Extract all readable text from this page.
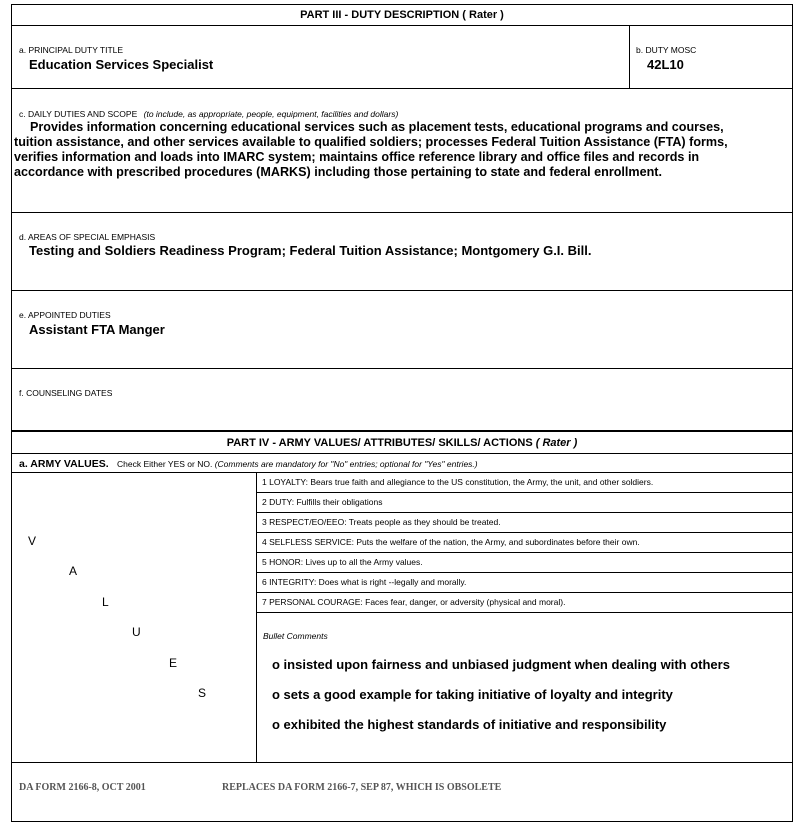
PART III - DUTY DESCRIPTION ( Rater )
a. PRINCIPAL DUTY TITLE
Education Services Specialist
b. DUTY MOSC
42L10
c. DAILY DUTIES AND SCOPE (to include, as appropriate, people, equipment, facilities and dollars)
Provides information concerning educational services such as placement tests, educational programs and courses,
tuition assistance, and other services available to qualified soldiers; processes Federal Tuition Assistance (FTA) forms,
verifies information and loads into IMARC system; maintains office reference library and office files and records in
accordance with prescribed procedures (MARKS) including those pertaining to state and federal enrollment.
d. AREAS OF SPECIAL EMPHASIS
Testing and Soldiers Readiness Program; Federal Tuition Assistance; Montgomery G.I. Bill.
e. APPOINTED DUTIES
Assistant FTA Manger
f. COUNSELING DATES
PART IV - ARMY VALUES/ ATTRIBUTES/ SKILLS/ ACTIONS ( Rater )
a. ARMY VALUES. Check Either YES or NO. (Comments are mandatory for "No" entries; optional for "Yes" entries.)
V
A
L
U
E
S
1 LOYALTY: Bears true faith and allegiance to the US constitution, the Army, the unit, and other soldiers.
2 DUTY: Fulfills their obligations
3 RESPECT/EO/EEO: Treats people as they should be treated.
4 SELFLESS SERVICE: Puts the welfare of the nation, the Army, and subordinates before their own.
5 HONOR: Lives up to all the Army values.
6 INTEGRITY: Does what is right --legally and morally.
7 PERSONAL COURAGE: Faces fear, danger, or adversity (physical and moral).
Bullet Comments
o insisted upon fairness and unbiased judgment when dealing with others
o sets a good example for taking initiative of loyalty and integrity
o exhibited the highest standards of initiative and responsibility
DA FORM 2166-8, OCT 2001	REPLACES DA FORM 2166-7, SEP 87, WHICH IS OBSOLETE
